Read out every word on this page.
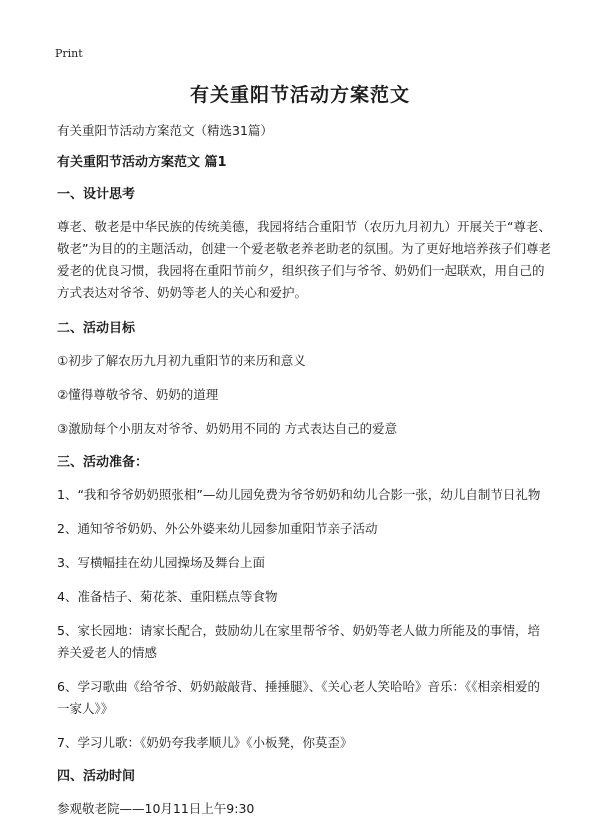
Print
有关重阳节活动方案范文

有关重阳节活动方案范文（精选31篇）

有关重阳节活动方案范文 篇1

一、设计思考

尊老、敬老是中华民族的传统美德，我园将结合重阳节（农历九月初九）开展关于“尊老、敬老”为目的的主题活动，创建一个爱老敬老养老助老的氛围。为了更好地培养孩子们尊老爱老的优良习惯，我园将在重阳节前夕，组织孩子们与爷爷、奶奶们一起联欢，用自己的方式表达对爷爷、奶奶等老人的关心和爱护。

二、活动目标

①初步了解农历九月初九重阳节的来历和意义

②懂得尊敬爷爷、奶奶的道理

③激励每个小朋友对爷爷、奶奶用不同的 方式表达自己的爱意

三、活动准备：

1、“我和爷爷奶奶照张相”—幼儿园免费为爷爷奶奶和幼儿合影一张，幼儿自制节日礼物

2、通知爷爷奶奶、外公外婆来幼儿园参加重阳节亲子活动

3、写横幅挂在幼儿园操场及舞台上面

4、准备桔子、菊花茶、重阳糕点等食物

5、家长园地：请家长配合，鼓励幼儿在家里帮爷爷、奶奶等老人做力所能及的事情，培养关爱老人的情感

6、学习歌曲《给爷爷、奶奶敲敲背、捶捶腿》、《关心老人笑哈哈》音乐：《《相亲相爱的一家人》》

7、学习儿歌：《奶奶夸我孝顺儿》《小板凳，你莫歪》

四、活动时间

参观敬老院——10月11日上午9:30
